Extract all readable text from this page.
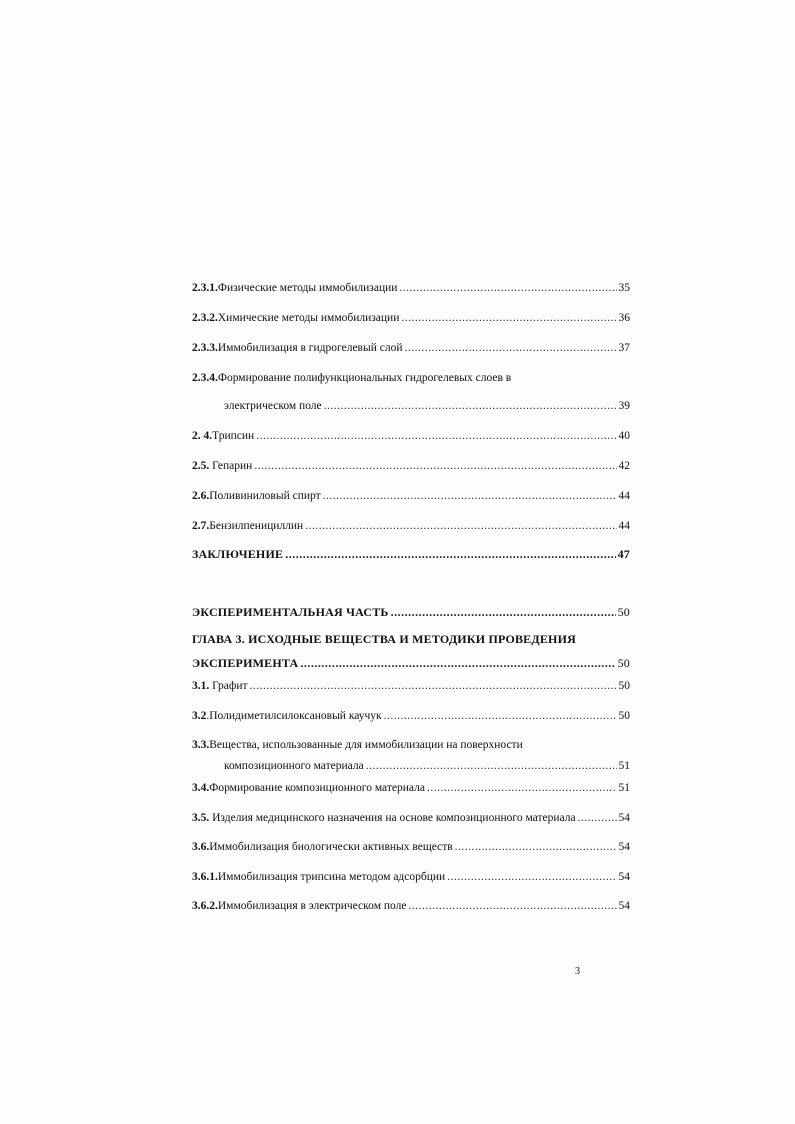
2.3.1. Физические методы иммобилизации .....	35
2.3.2. Химические методы иммобилизации .....	36
2.3.3. Иммобилизация в гидрогелевый слой .....	37
2.3.4.Формирование полифункциональных гидрогелевых слоев в
электрическом поле .....	39
2. 4. Трипсин .....	40
2.5. Гепарин .....	42
2.6. Поливиниловый спирт .....	44
2.7. Бензилпенициллин .....	44
ЗАКЛЮЧЕНИЕ .....	47
ЭКСПЕРИМЕНТАЛЬНАЯ ЧАСТЬ .....	50
ГЛАВА 3. ИСХОДНЫЕ ВЕЩЕСТВА И МЕТОДИКИ ПРОВЕДЕНИЯ
ЭКСПЕРИМЕНТА .....	50
3.1. Графит .....	50
3.2 .Полидиметилсилоксановый каучук .....	50
3.3.Вещества, использованные для иммобилизации на поверхности
композиционного материала .....	51
3.4. Формирование композиционного материала .....	51
3.5. Изделия медицинского назначения на основе композиционного материала .....	54
3.6. Иммобилизация биологически активных веществ .....	54
3.6.1. Иммобилизация трипсина методом адсорбции .....	54
3.6.2. Иммобилизация в электрическом поле .....	54
3
